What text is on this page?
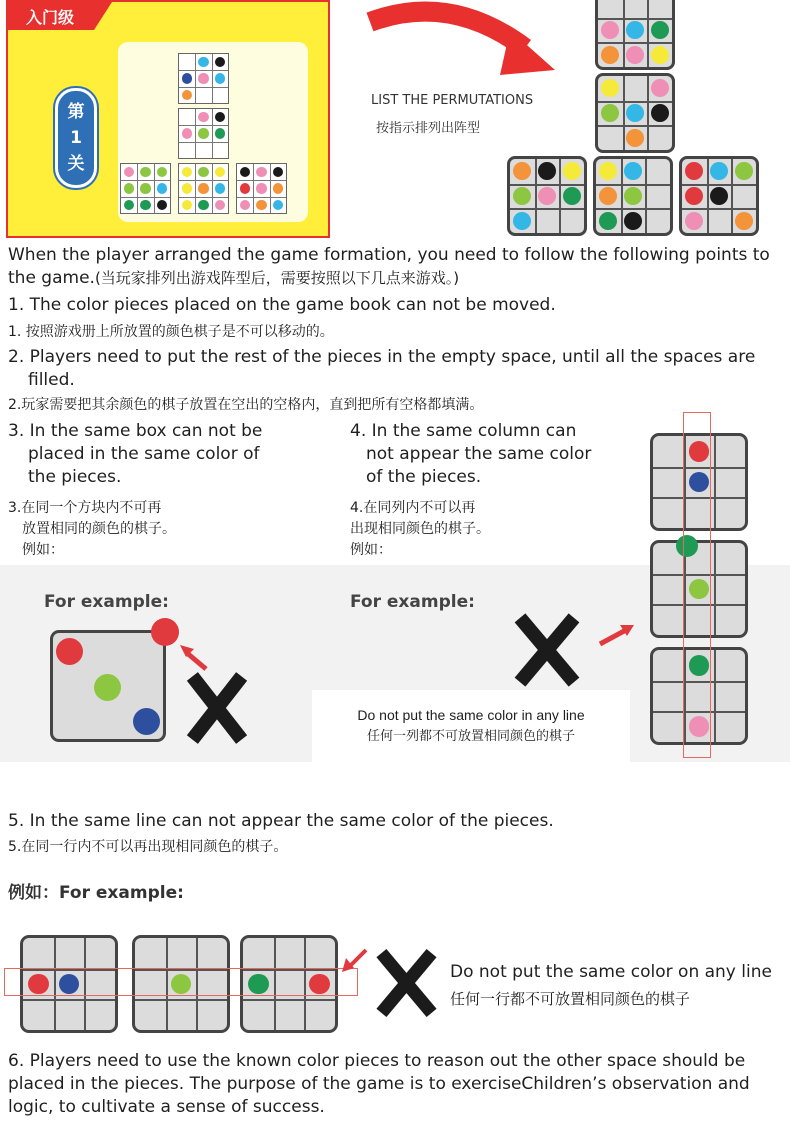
入门级
第
1
关
LIST THE PERMUTATIONS
按指示排列出阵型
When the player arranged the game formation, you need to follow the following points to the game.(当玩家排列出游戏阵型后，需要按照以下几点来游戏。)
1. The color pieces placed on the game book can not be moved.
1. 按照游戏册上所放置的颜色棋子是不可以移动的。
2. Players need to put the rest of the pieces in the empty space, until all the spaces are
filled.
2.玩家需要把其余颜色的棋子放置在空出的空格内，直到把所有空格都填满。
3. In the same box can not be
placed in the same color of
the pieces.
3.在同一个方块内不可再
放置相同的颜色的棋子。
例如：
4. In the same column can
not appear the same color
of the pieces.
4.在同列内不可以再
出现相同颜色的棋子。
例如：
For example:	For example:
Do not put the same color in any line
任何一列都不可放置相同颜色的棋子
5. In the same line can not appear the same color of the pieces.
5.在同一行内不可以再出现相同颜色的棋子。
例如：For example:
Do not put the same color on any line
任何一行都不可放置相同颜色的棋子
6. Players need to use the known color pieces to reason out the other space should be
placed in the pieces. The purpose of the game is to exerciseChildren’s observation and
logic, to cultivate a sense of success.
